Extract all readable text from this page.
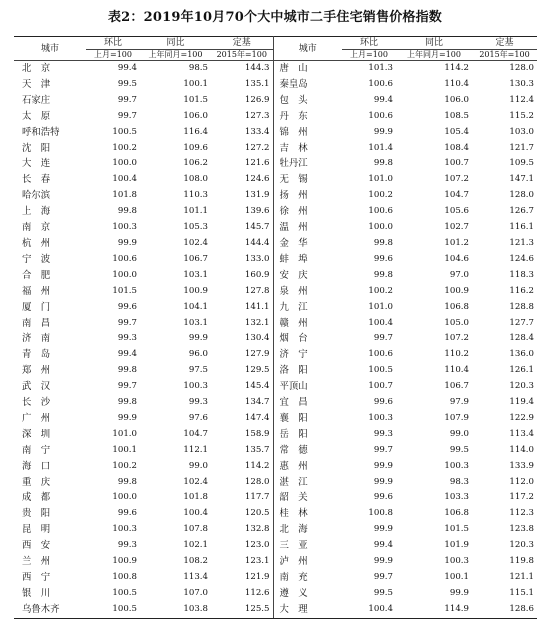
表2：2019年10月70个大中城市二手住宅销售价格指数
城市	环比	同比	定基	城市	环比	同比	定基
	上月=100	上年同月=100	2015年=100		上月=100	上年同月=100	2015年=100
北　京	99.4	98.5	144.3	唐　山	101.3	114.2	128.0
天　津	99.5	100.1	135.1	秦皇岛	100.6	110.4	130.3
石家庄	99.7	101.5	126.9	包　头	99.4	106.0	112.4
太　原	99.7	106.0	127.3	丹　东	100.6	108.5	115.2
呼和浩特	100.5	116.4	133.4	锦　州	99.9	105.4	103.0
沈　阳	100.2	109.6	127.2	吉　林	101.4	108.4	121.7
大　连	100.0	106.2	121.6	牡丹江	99.8	100.7	109.5
长　春	100.4	108.0	124.6	无　锡	101.0	107.2	147.1
哈尔滨	101.8	110.3	131.9	扬　州	100.2	104.7	128.0
上　海	99.8	101.1	139.6	徐　州	100.6	105.6	126.7
南　京	100.3	105.3	145.7	温　州	100.0	102.7	116.1
杭　州	99.9	102.4	144.4	金　华	99.8	101.2	121.3
宁　波	100.6	106.7	133.0	蚌　埠	99.6	104.6	124.6
合　肥	100.0	103.1	160.9	安　庆	99.8	97.0	118.3
福　州	101.5	100.9	127.8	泉　州	100.2	100.9	116.2
厦　门	99.6	104.1	141.1	九　江	101.0	106.8	128.8
南　昌	99.7	103.1	132.1	赣　州	100.4	105.0	127.7
济　南	99.3	99.9	130.4	烟　台	99.7	107.2	128.4
青　岛	99.4	96.0	127.9	济　宁	100.6	110.2	136.0
郑　州	99.8	97.5	129.5	洛　阳	100.5	110.4	126.1
武　汉	99.7	100.3	145.4	平顶山	100.7	106.7	120.3
长　沙	99.8	99.3	134.7	宜　昌	99.6	97.9	119.4
广　州	99.9	97.6	147.4	襄　阳	100.3	107.9	122.9
深　圳	101.0	104.7	158.9	岳　阳	99.3	99.0	113.4
南　宁	100.1	112.1	135.7	常　德	99.7	99.5	114.0
海　口	100.2	99.0	114.2	惠　州	99.9	100.3	133.9
重　庆	99.8	102.4	128.0	湛　江	99.9	98.3	112.0
成　都	100.0	101.8	117.7	韶　关	99.6	103.3	117.2
贵　阳	99.6	100.4	120.5	桂　林	100.8	106.8	112.3
昆　明	100.3	107.8	132.8	北　海	99.9	101.5	123.8
西　安	99.3	102.1	123.0	三　亚	99.4	101.9	120.3
兰　州	100.9	108.2	123.1	泸　州	99.9	100.3	119.8
西　宁	100.8	113.4	121.9	南　充	99.7	100.1	121.1
银　川	100.5	107.0	112.6	遵　义	99.5	99.9	115.1
乌鲁木齐	100.5	103.8	125.5	大　理	100.4	114.9	128.6
